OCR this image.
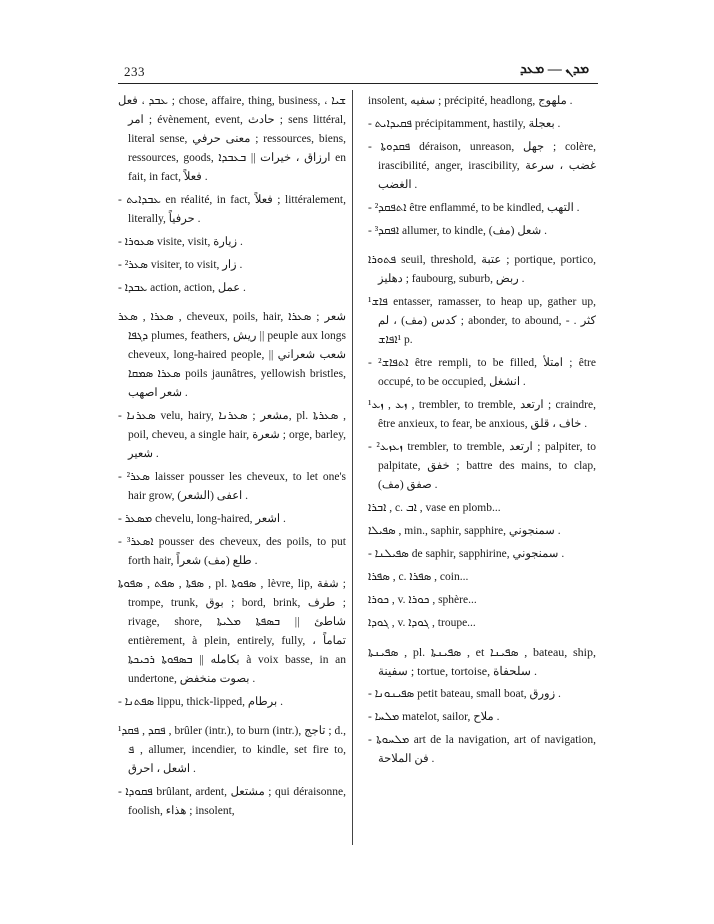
233	ܡܕܢ — ܡܥܕ

ܥܒܕ ، فعل ; chose, affaire, thing, business, ܫܝܐ ، امر ; évènement, event, حادث ; sens littéral, literal sense, معنى حرفي ; ressources, biens, ressources, goods, ارزاق ، خيرات || ܒܥܒܕܐ en fait, in fact, فعلاً .

- ܥܒܕܐܝܬ en réalité, in fact, فعلاً ; littéralement, literally, حرفياً .

- ܣܥܘܪܐ visite, visit, زيارة .

- ²ܣܥܪ visiter, to visit, زار .

- ܥܒܕܐ action, action, عمل .

ܣܥܪܐ , ܣܥܪ , cheveux, poils, hair, شعر ; ܣܥܪܐ ܕܓܦܐ plumes, feathers, ريش || peuple aux longs cheveux, long-haired people, شعب شعراني || ܣܥܪܐ ܣܡܩܐ poils jaunâtres, yellowish bristles, شعر اصهب .

- ܣܥܪܢܐ velu, hairy, مشعر ; ܣܥܪܢܐ, pl. ܣܥܪܬܐ , poil, cheveu, a single hair, شعرة ; orge, barley, شعير .

- ²ܣܥܪ laisser pousser les cheveux, to let one's hair grow, اعفى (الشعر) .

- ܡܣܥܪ chevelu, long-haired, اشعر .

- ³ܐܣܥܪ pousser des cheveux, des poils, to put forth hair, طلع (مف) شعراً .

ܣܦܬܐ , ܣܦܬ , ܣܦܘܬܐ , pl. ܣܦܘܬܐ , lèvre, lip, شفة ; trompe, trunk, بوق ; bord, brink, طرف ; rivage, shore, شاطئ || ܒܣܦܬܐ ܡܠܝܬܐ entièrement, à plein, entirely, fully, تماماً ، بكامله || ܒܣܦܘܬܐ ܪܟܝܟܬܐ à voix basse, in an undertone, بصوت منخفض .

- ܣܦܬܢܐ lippu, thick-lipped, برطام .

¹ܦܩܕ , ܦܩܕ , brûler (intr.), to burn (intr.), تاجج ; d., ܦ , allumer, incendier, to kindle, set fire to, اشعل ، احرق .

- ܦܩܘܕܐ brûlant, ardent, مشتعل ; qui déraisonne, foolish, هذاء ; insolent,

insolent, سفيه ; précipité, headlong, ملهوج .

- ܦܩܝܕܐܝܬ précipitamment, hastily, بعجلة .

- ܦܩܕܘܬܐ déraison, unreason, جهل ; colère, irascibilité, anger, irascibility, غضب ، سرعة الغضب .

- ²ܐܬܦܩܕ être enflammé, to be kindled, التهب .

- ³ܐܦܩܕ allumer, to kindle, شعل (مف) .

ܦܬܘܪܐ seuil, threshold, عتبة ; portique, portico, دهليز ; faubourg, suburb, ربض .

¹ܦܐܫ entasser, ramasser, to heap up, gather up, كدس (مف) ، لم ; abonder, to abound, كثر . - ¹ܐܦܐܫ p.

- ²ܐܬܦܐܫ être rempli, to be filled, امتلأ ; être occupé, to be occupied, انشغل .

¹ܙܥ , ܙܥ , trembler, to tremble, ارتعد ; craindre, être anxieux, to fear, be anxious, خاف ، قلق .

- ²ܙܥܙܥ trembler, to tremble, ارتعد ; palpiter, to palpitate, خفق ; battre des mains, to clap, صفق (مف) .

ܐܒܪܐ , c. ܐܒ , vase en plomb...

ܣܦܝܠܐ , min., saphir, sapphire, سمنجوني .

- ܣܦܝܠܢܐ de saphir, sapphirine, سمنجوني .

ܣܦܪܐ , c. ܣܦܪܐ , coin...

ܟܘܪܐ , v. ܟܘܪܐ , sphère...

ܓܘܕܐ , v. ܓܘܕܐ , troupe...

ܣܦܝܢܬܐ , pl. ܣܦܝܢܬܐ , et ܣܦܝܢܐ , bateau, ship, سفينة ; tortue, tortoise, سلحفاة .

- ܣܦܝܢܘܢܐ petit bateau, small boat, زورق .

- ܡܠܚܐ matelot, sailor, ملاح .

- ܡܠܚܘܬܐ art de la navigation, art of navigation, فن الملاحة .
